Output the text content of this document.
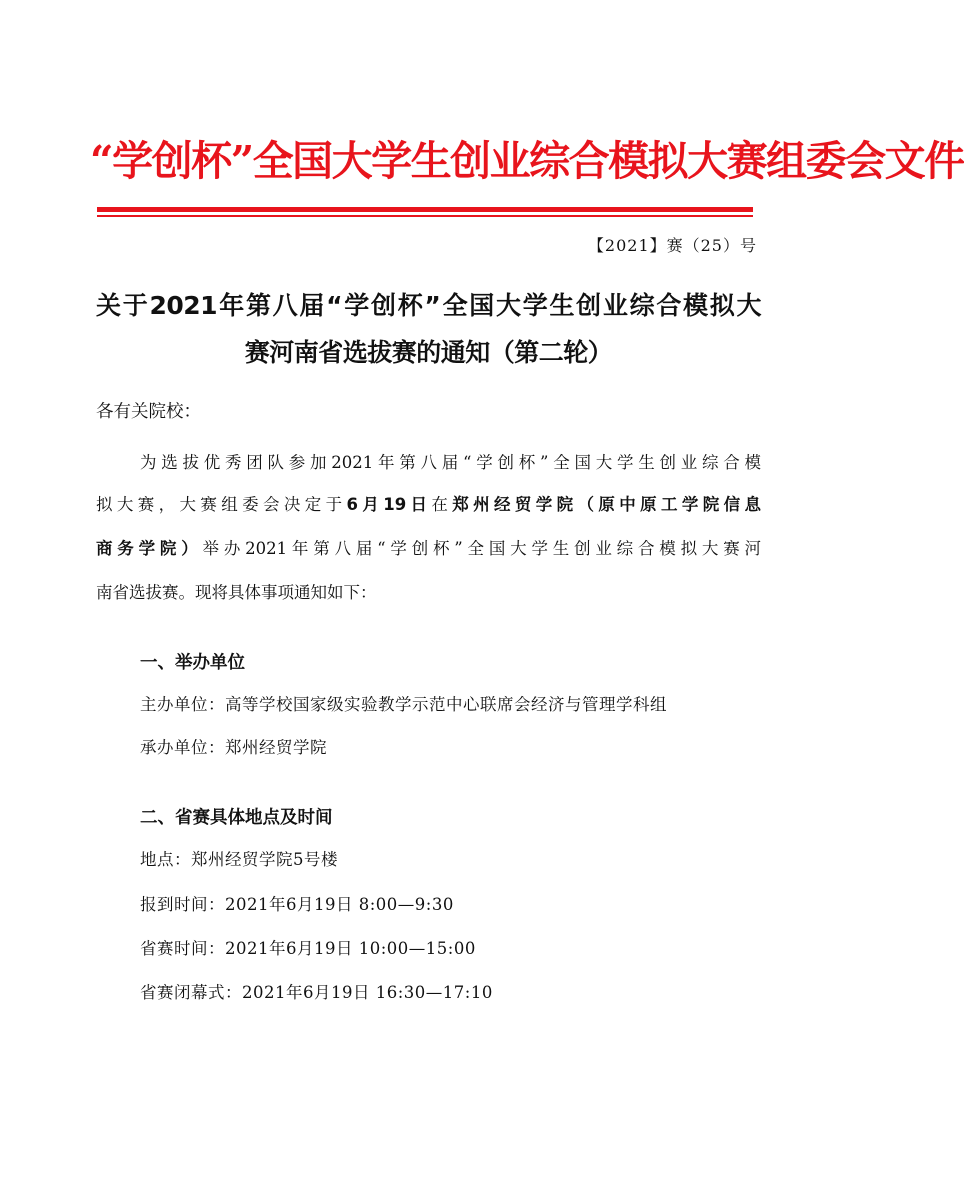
“学创杯”全国大学生创业综合模拟大赛组委会文件
【2021】赛（25）号
关于2021年第八届“学创杯”全国大学生创业综合模拟大
赛河南省选拔赛的通知（第二轮）
各有关院校：
为选拔优秀团队参加2021年第八届“学创杯”全国大学生创业综合模
拟大赛，大赛组委会决定于6月19日在郑州经贸学院（原中原工学院信息
商务学院）举办2021年第八届“学创杯”全国大学生创业综合模拟大赛河
南省选拔赛。现将具体事项通知如下：
一、举办单位
主办单位：高等学校国家级实验教学示范中心联席会经济与管理学科组
承办单位：郑州经贸学院
二、省赛具体地点及时间
地点：郑州经贸学院5号楼
报到时间：2021年6月19日 8:00—9:30
省赛时间：2021年6月19日 10:00—15:00
省赛闭幕式：2021年6月19日 16:30—17:10
